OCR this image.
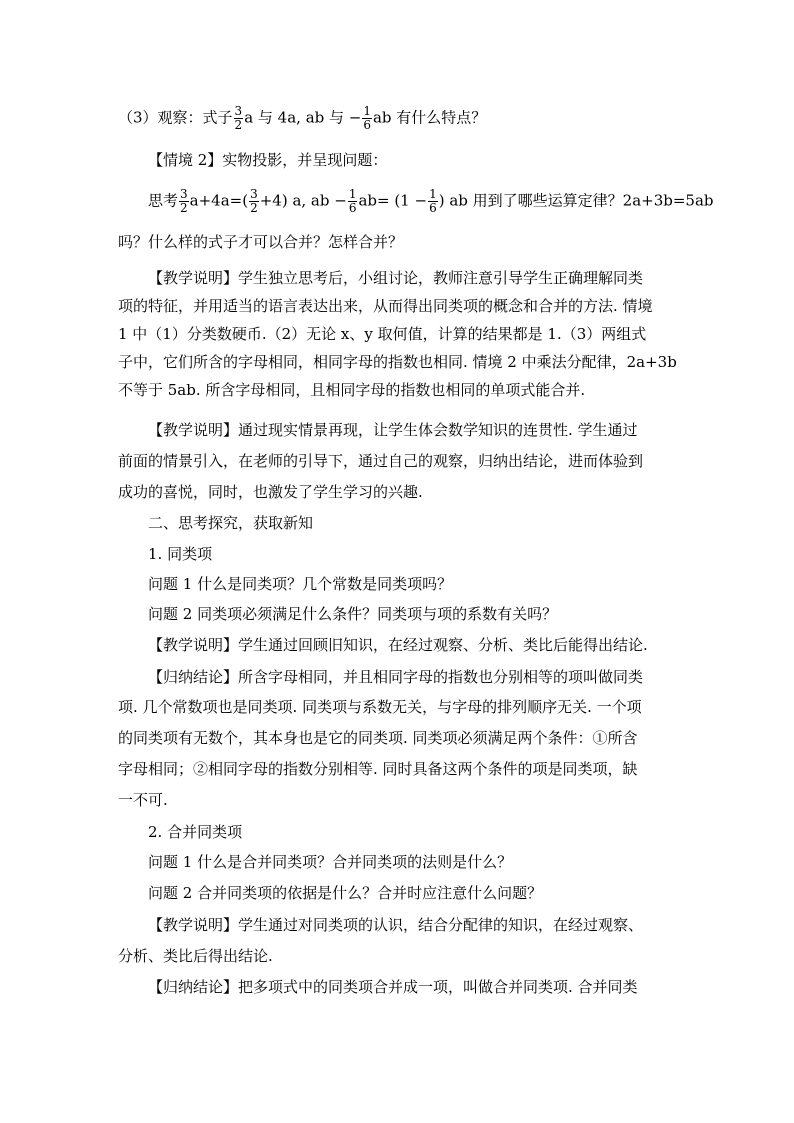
（3）观察：式子 $\frac{3}{2}$ a 与 4a, ab 与 − $\frac{1}{6}$ ab 有什么特点？
【情境 2】实物投影，并呈现问题：
思考 $\frac{3}{2} a+4a=( \frac{3}{2} +4)$ a, ab − $\frac{1}{6} ab= (1 - \frac{1}{6}$ ) ab 用到了哪些运算定律？2a+3b=5ab
吗？什么样的式子才可以合并？怎样合并？
【教学说明】学生独立思考后，小组讨论，教师注意引导学生正确理解同类
项的特征，并用适当的语言表达出来，从而得出同类项的概念和合并的方法. 情境
1 中（1）分类数硬币.（2）无论 x、y 取何值，计算的结果都是 1.（3）两组式
子中，它们所含的字母相同，相同字母的指数也相同. 情境 2 中乘法分配律，2a+3b
不等于 5ab. 所含字母相同，且相同字母的指数也相同的单项式能合并.
【教学说明】通过现实情景再现，让学生体会数学知识的连贯性. 学生通过
前面的情景引入，在老师的引导下，通过自己的观察，归纳出结论，进而体验到
成功的喜悦，同时，也激发了学生学习的兴趣.
二、思考探究，获取新知
1. 同类项
问题 1 什么是同类项？几个常数是同类项吗？
问题 2 同类项必须满足什么条件？同类项与项的系数有关吗？
【教学说明】学生通过回顾旧知识，在经过观察、分析、类比后能得出结论.
【归纳结论】所含字母相同，并且相同字母的指数也分别相等的项叫做同类
项. 几个常数项也是同类项. 同类项与系数无关，与字母的排列顺序无关. 一个项
的同类项有无数个，其本身也是它的同类项. 同类项必须满足两个条件：①所含
字母相同；②相同字母的指数分别相等. 同时具备这两个条件的项是同类项，缺
一不可.
2. 合并同类项
问题 1 什么是合并同类项？合并同类项的法则是什么？
问题 2 合并同类项的依据是什么？合并时应注意什么问题？
【教学说明】学生通过对同类项的认识，结合分配律的知识，在经过观察、
分析、类比后得出结论.
【归纳结论】把多项式中的同类项合并成一项，叫做合并同类项. 合并同类
